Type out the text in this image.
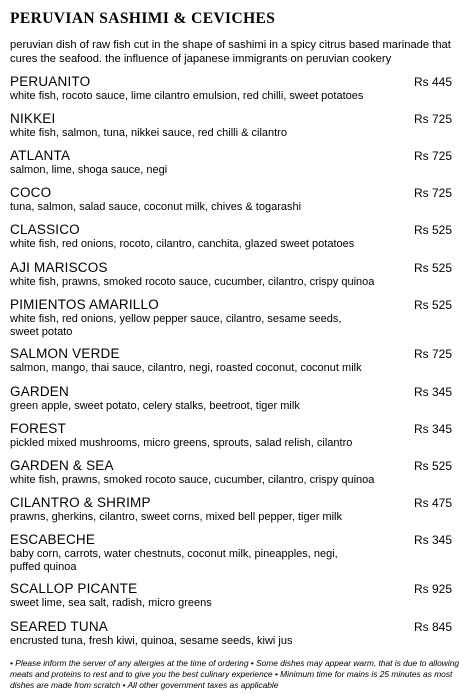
PERUVIAN SASHIMI & CEVICHES
peruvian dish of raw fish cut in the shape of sashimi in a spicy citrus based marinade that cures the seafood. the influence of japanese immigrants on peruvian cookery
PERUANITO	Rs 445
white fish, rocoto sauce, lime cilantro emulsion, red chilli, sweet potatoes
NIKKEI	Rs 725
white fish, salmon, tuna, nikkei sauce, red chilli & cilantro
ATLANTA	Rs 725
salmon, lime, shoga sauce, negi
COCO	Rs 725
tuna, salmon, salad sauce, coconut milk, chives & togarashi
CLASSICO	Rs 525
white fish, red onions, rocoto, cilantro, canchita, glazed sweet potatoes
AJI MARISCOS	Rs 525
white fish, prawns, smoked rocoto sauce, cucumber, cilantro, crispy quinoa
PIMIENTOS AMARILLO	Rs 525
white fish, red onions, yellow pepper sauce, cilantro, sesame seeds,
sweet potato
SALMON VERDE	Rs 725
salmon, mango, thai sauce, cilantro, negi, roasted coconut, coconut milk
GARDEN	Rs 345
green apple, sweet potato, celery stalks, beetroot, tiger milk
FOREST	Rs 345
pickled mixed mushrooms, micro greens, sprouts, salad relish, cilantro
GARDEN & SEA	Rs 525
white fish, prawns, smoked rocoto sauce, cucumber, cilantro, crispy quinoa
CILANTRO & SHRIMP	Rs 475
prawns, gherkins, cilantro, sweet corns, mixed bell pepper, tiger milk
ESCABECHE	Rs 345
baby corn, carrots, water chestnuts, coconut milk, pineapples, negi,
puffed quinoa
SCALLOP PICANTE	Rs 925
sweet lime, sea salt, radish, micro greens
SEARED TUNA	Rs 845
encrusted tuna, fresh kiwi, quinoa, sesame seeds, kiwi jus
• Please inform the server of any allergies at the time of ordering • Some dishes may appear warm, that is due to allowing meats and proteins to rest and to give you the best culinary experience • Minimum time for mains is 25 minutes as most dishes are made from scratch • All other government taxes as applicable
